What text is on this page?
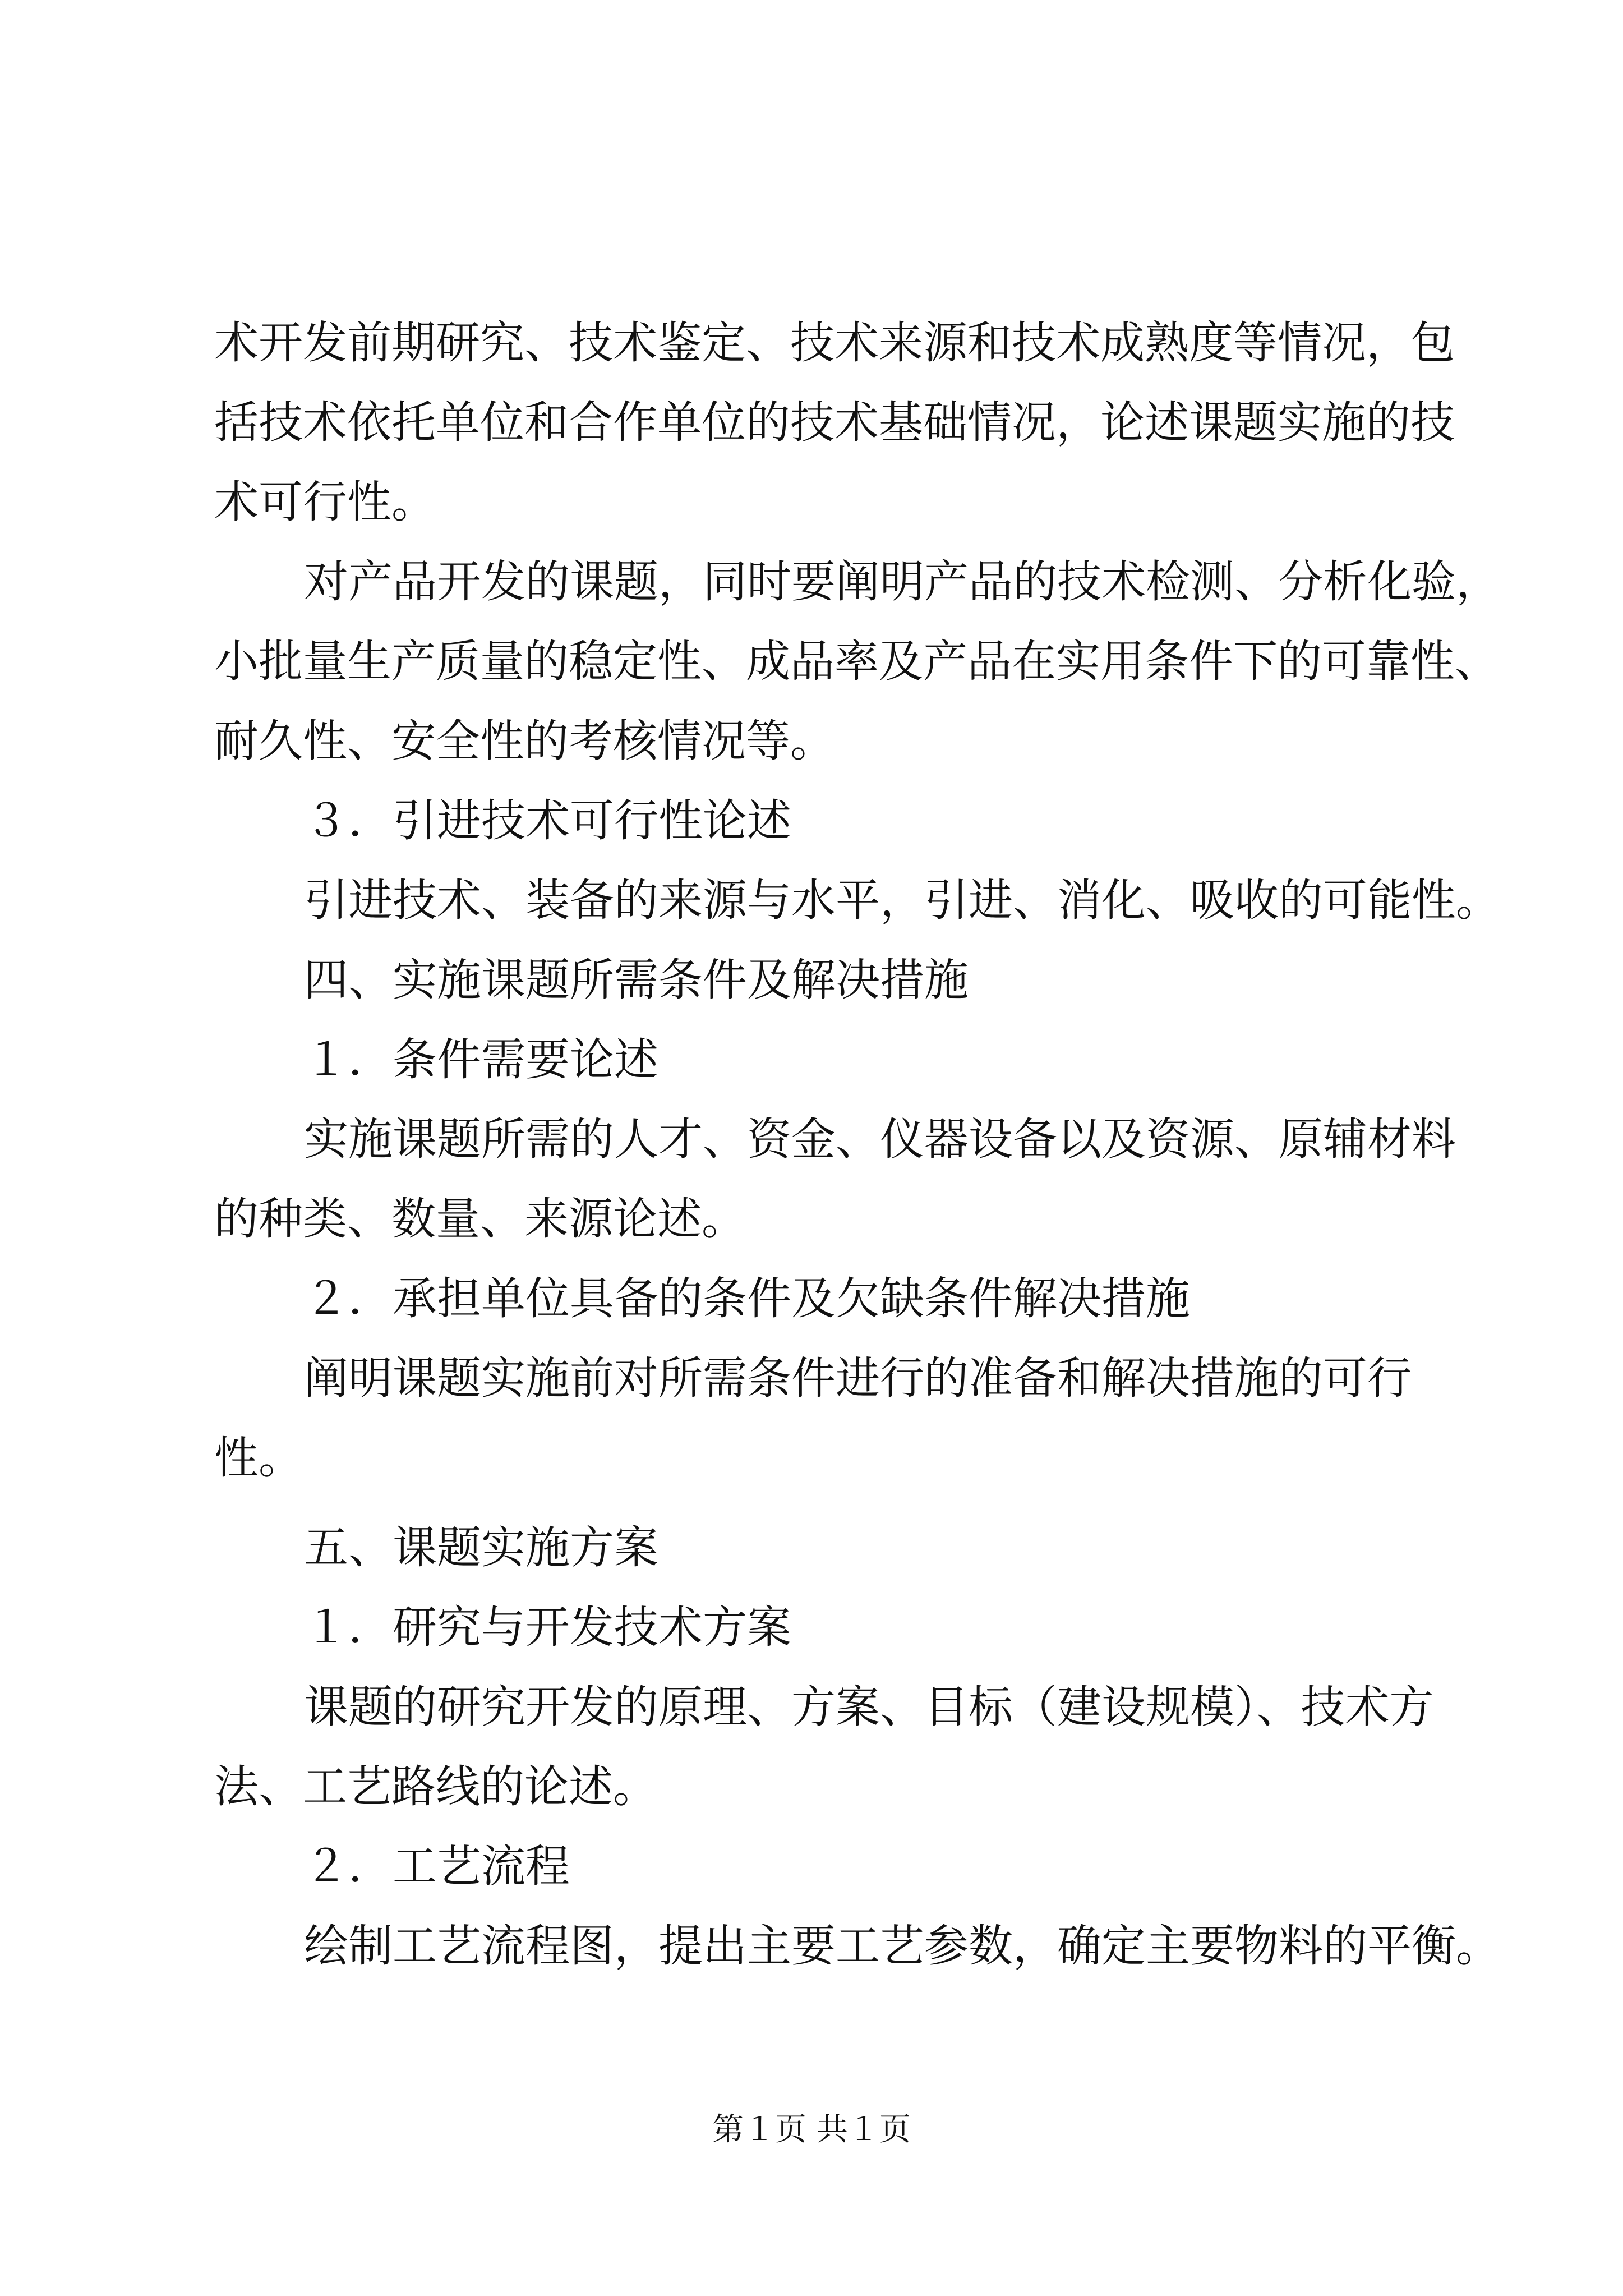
术开发前期研究、技术鉴定、技术来源和技术成熟度等情况，包

括技术依托单位和合作单位的技术基础情况，论述课题实施的技

术可行性。

对产品开发的课题，同时要阐明产品的技术检测、分析化验，

小批量生产质量的稳定性、成品率及产品在实用条件下的可靠性、

耐久性、安全性的考核情况等。

３．引进技术可行性论述

引进技术、装备的来源与水平，引进、消化、吸收的可能性。

四、实施课题所需条件及解决措施

１．条件需要论述

实施课题所需的人才、资金、仪器设备以及资源、原辅材料

的种类、数量、来源论述。

２．承担单位具备的条件及欠缺条件解决措施

阐明课题实施前对所需条件进行的准备和解决措施的可行

性。

五、课题实施方案

１．研究与开发技术方案

课题的研究开发的原理、方案、目标（建设规模）、技术方

法、工艺路线的论述。

２．工艺流程

绘制工艺流程图，提出主要工艺参数，确定主要物料的平衡。

第１页 共１页
